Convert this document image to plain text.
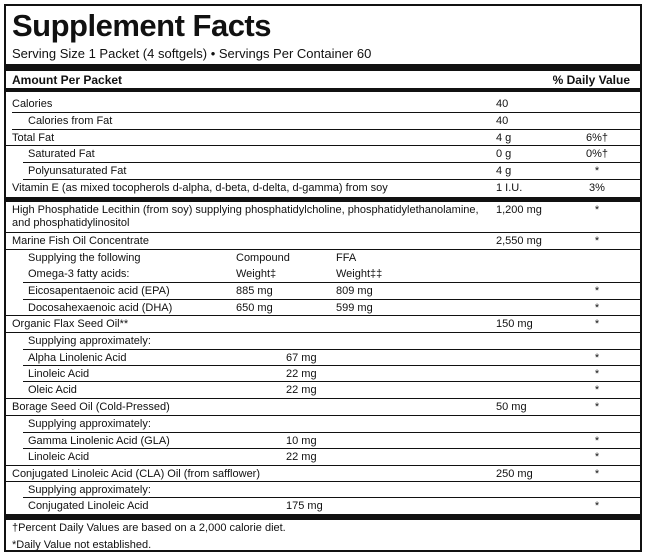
Supplement Facts
Serving Size 1 Packet (4 softgels) • Servings Per Container 60
Amount Per Packet	% Daily Value
Calories	40
Calories from Fat	40
Total Fat	4 g	6%†
Saturated Fat	0 g	0%†
Polyunsaturated Fat	4 g	*
Vitamin E (as mixed tocopherols d-alpha, d-beta, d-delta, d-gamma) from soy	1 I.U.	3%
High Phosphatide Lecithin (from soy) supplying phosphatidylcholine, phosphatidylethanolamine,
and phosphatidylinositol
1,200 mg	*
Marine Fish Oil Concentrate	2,550 mg	*
Supplying the following	Compound	FFA
Omega-3 fatty acids:	Weight‡	Weight‡‡
Eicosapentaenoic acid (EPA)	885 mg	809 mg	*
Docosahexaenoic acid (DHA)	650 mg	599 mg	*
Organic Flax Seed Oil**	150 mg	*
Supplying approximately:
Alpha Linolenic Acid	67 mg	*
Linoleic Acid	22 mg	*
Oleic Acid	22 mg	*
Borage Seed Oil (Cold-Pressed)	50 mg	*
Supplying approximately:
Gamma Linolenic Acid (GLA)	10 mg	*
Linoleic Acid	22 mg	*
Conjugated Linoleic Acid (CLA) Oil (from safflower)	250 mg	*
Supplying approximately:
Conjugated Linoleic Acid	175 mg	*
†Percent Daily Values are based on a 2,000 calorie diet.
*Daily Value not established.
